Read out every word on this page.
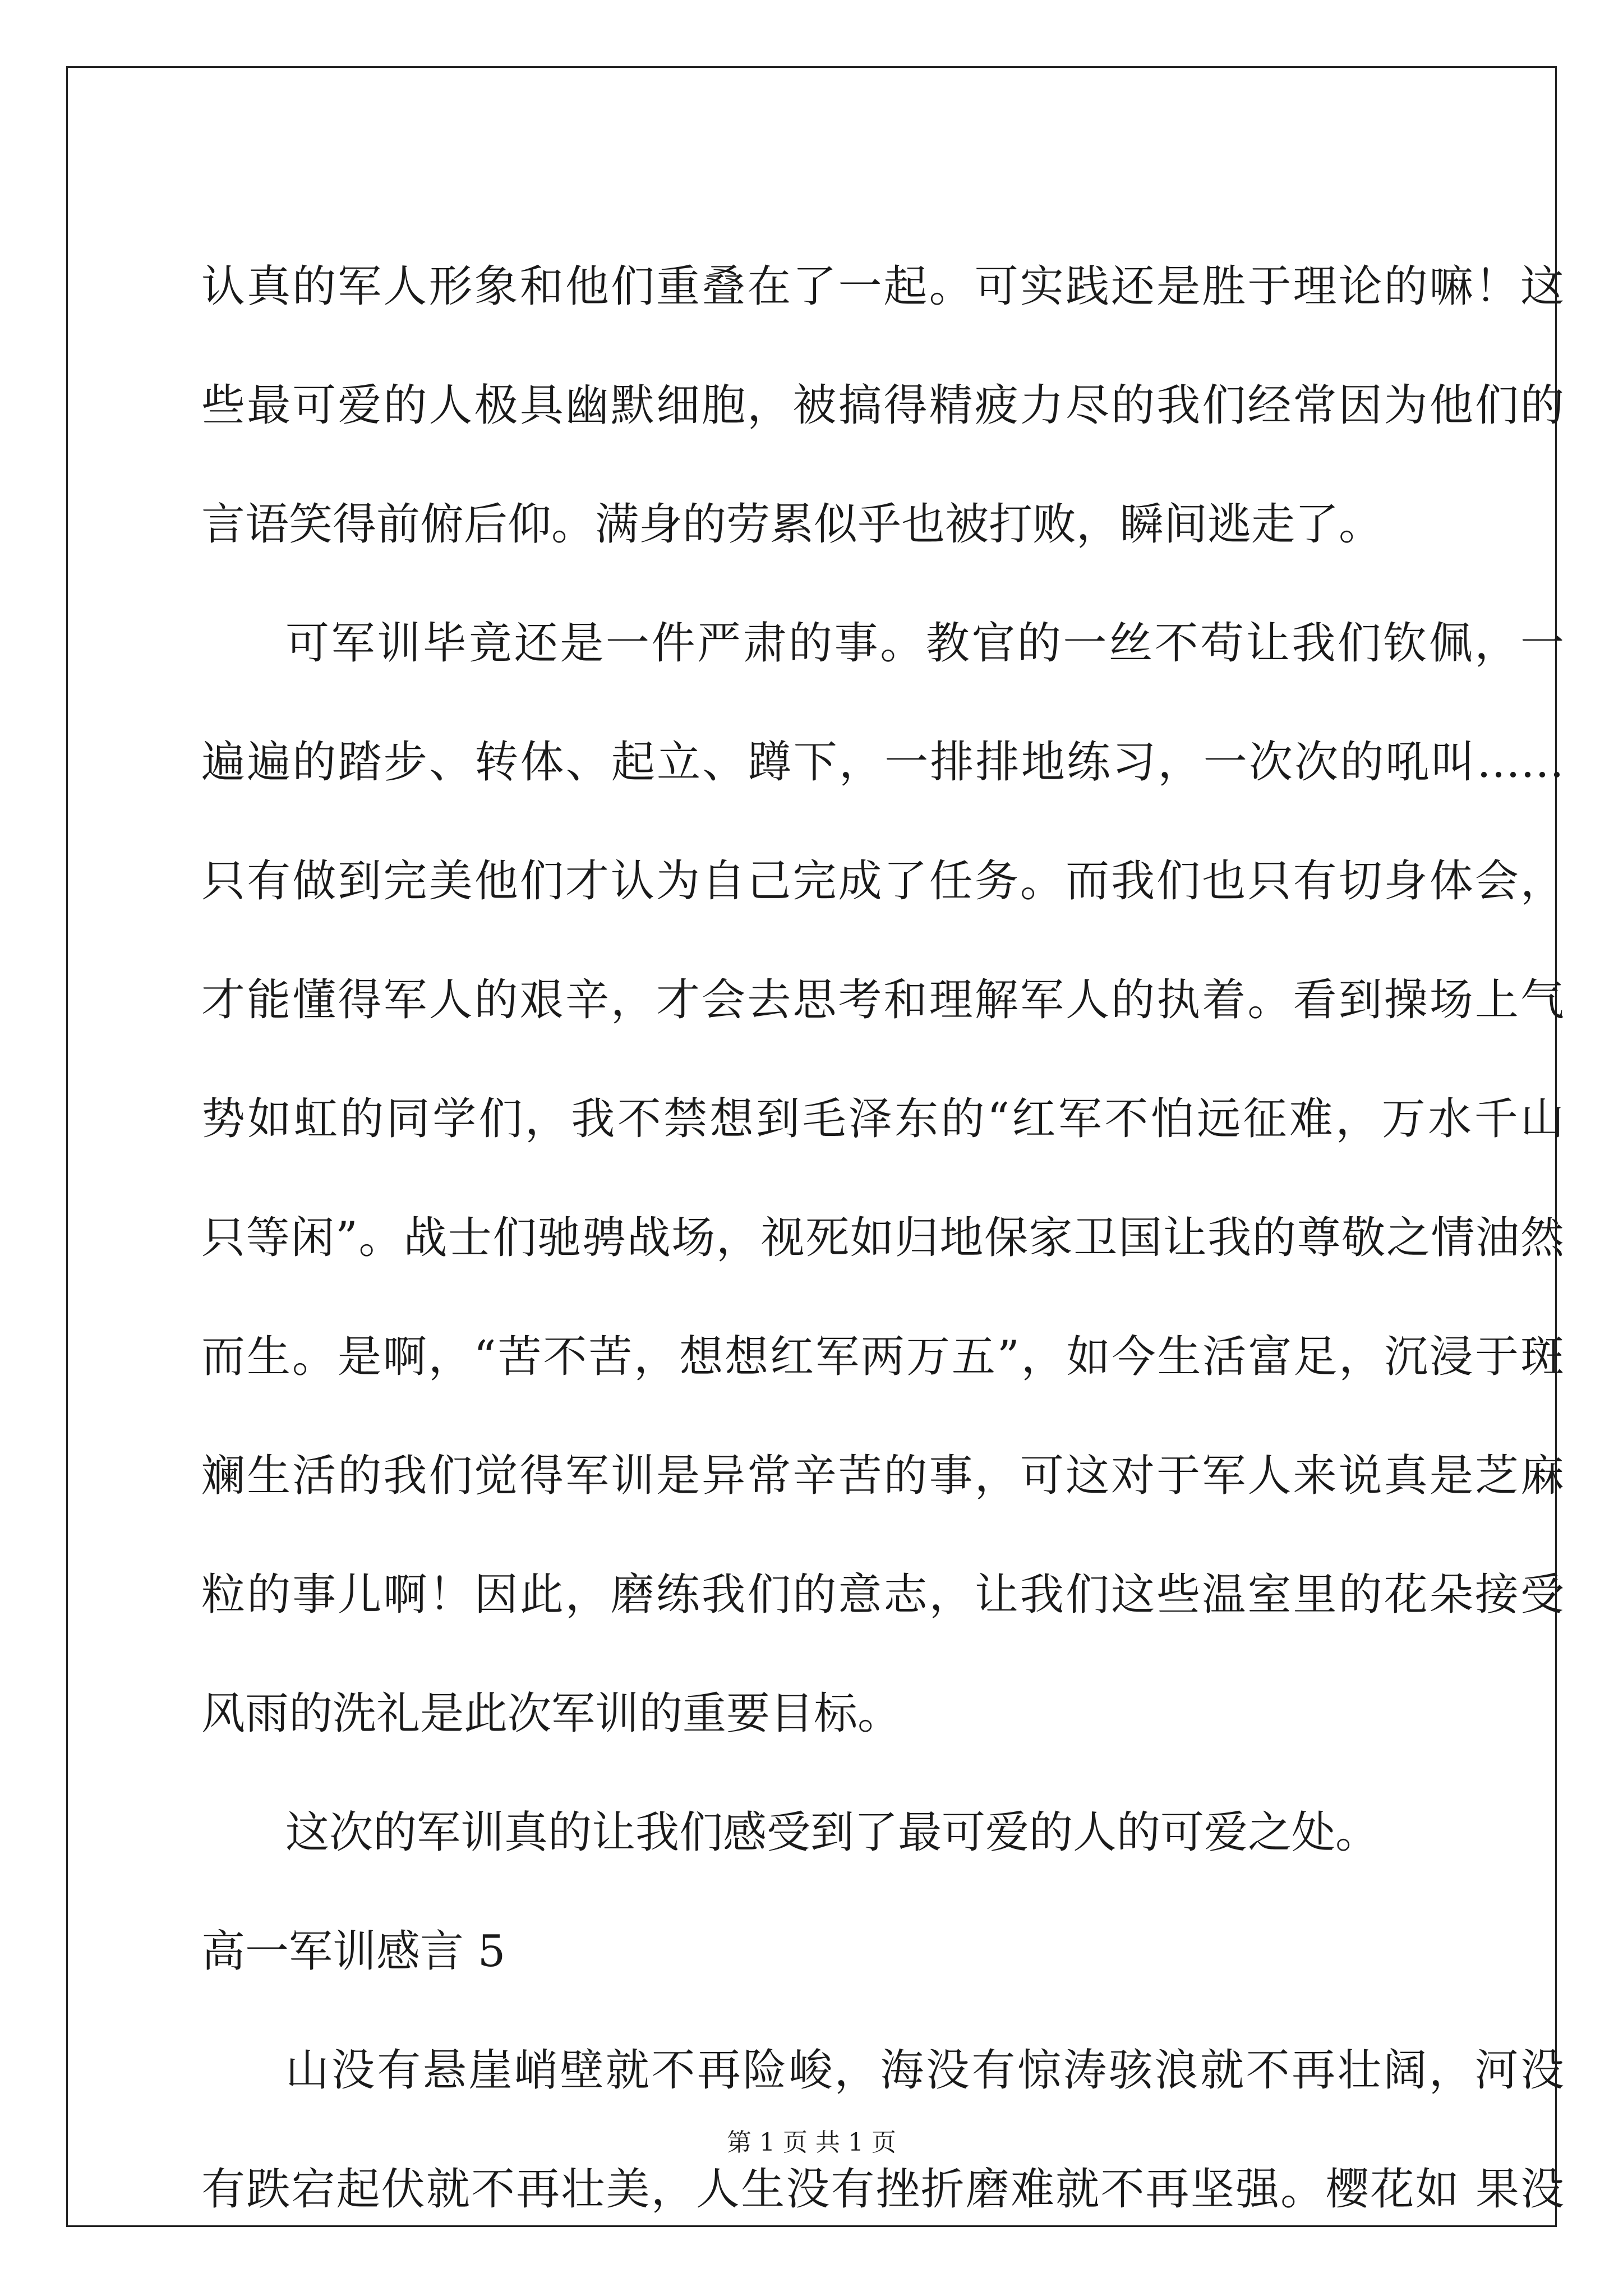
认真的军人形象和他们重叠在了一起。可实践还是胜于理论的嘛！这
些最可爱的人极具幽默细胞，被搞得精疲力尽的我们经常因为他们的
言语笑得前俯后仰。满身的劳累似乎也被打败，瞬间逃走了。
可军训毕竟还是一件严肃的事。教官的一丝不苟让我们钦佩，一
遍遍的踏步、转体、起立、蹲下，一排排地练习，一次次的吼叫……
只有做到完美他们才认为自己完成了任务。而我们也只有切身体会，
才能懂得军人的艰辛，才会去思考和理解军人的执着。看到操场上气
势如虹的同学们，我不禁想到毛泽东的“红军不怕远征难，万水千山
只等闲”。战士们驰骋战场，视死如归地保家卫国让我的尊敬之情油然
而生。是啊，“苦不苦，想想红军两万五”，如今生活富足，沉浸于斑
斓生活的我们觉得军训是异常辛苦的事，可这对于军人来说真是芝麻
粒的事儿啊！因此，磨练我们的意志，让我们这些温室里的花朵接受
风雨的洗礼是此次军训的重要目标。
这次的军训真的让我们感受到了最可爱的人的可爱之处。
高一军训感言 5
山没有悬崖峭壁就不再险峻，海没有惊涛骇浪就不再壮阔，河没
有跌宕起伏就不再壮美，人生没有挫折磨难就不再坚强。樱花如 果没
第 1 页 共 1 页
